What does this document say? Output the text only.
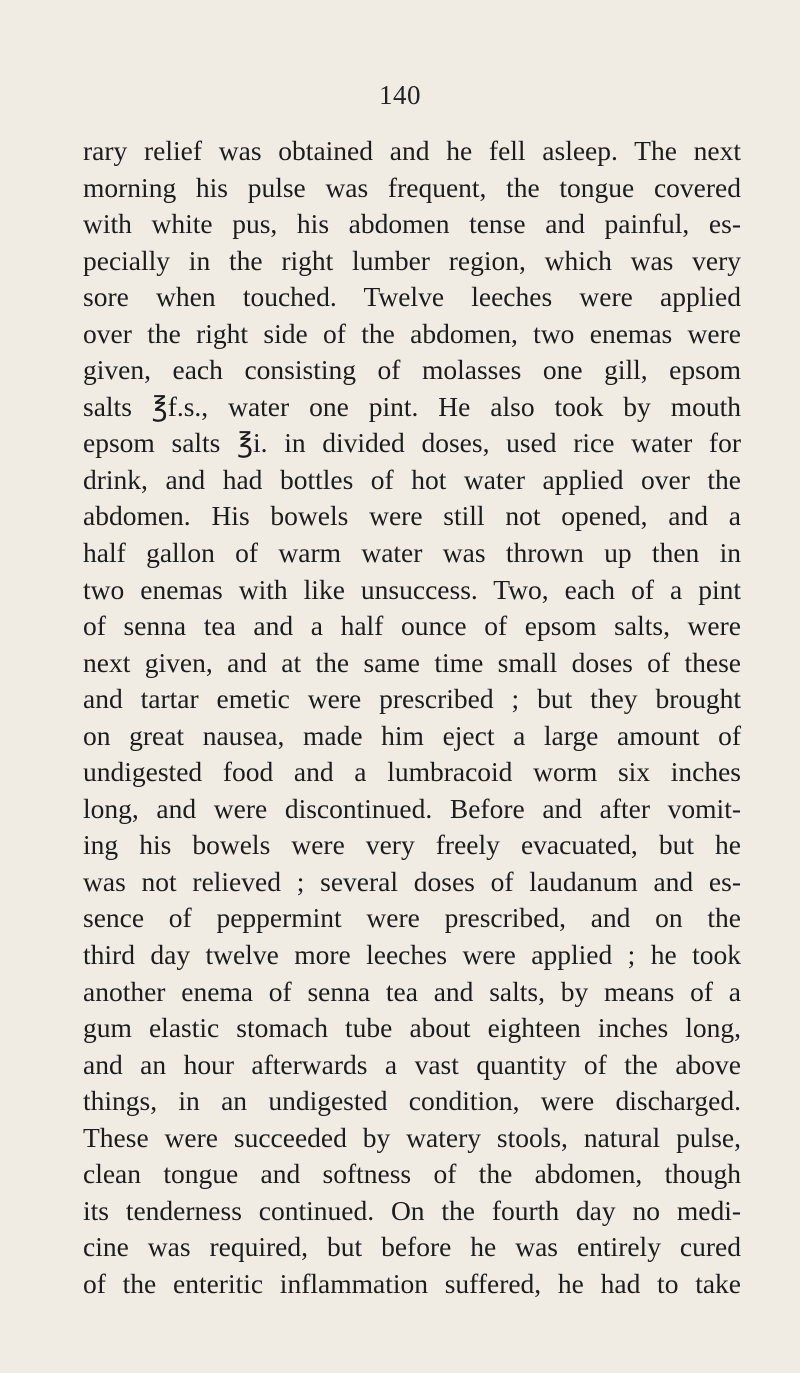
140
rary relief was obtained and he fell asleep. The next
morning his pulse was frequent, the tongue covered
with white pus, his abdomen tense and painful, es-
pecially in the right lumber region, which was very
sore when touched. Twelve leeches were applied
over the right side of the abdomen, two enemas were
given, each consisting of molasses one gill, epsom
salts ℥f.s., water one pint. He also took by mouth
epsom salts ℥i. in divided doses, used rice water for
drink, and had bottles of hot water applied over the
abdomen. His bowels were still not opened, and a
half gallon of warm water was thrown up then in
two enemas with like unsuccess. Two, each of a pint
of senna tea and a half ounce of epsom salts, were
next given, and at the same time small doses of these
and tartar emetic were prescribed ; but they brought
on great nausea, made him eject a large amount of
undigested food and a lumbracoid worm six inches
long, and were discontinued. Before and after vomit-
ing his bowels were very freely evacuated, but he
was not relieved ; several doses of laudanum and es-
sence of peppermint were prescribed, and on the
third day twelve more leeches were applied ; he took
another enema of senna tea and salts, by means of a
gum elastic stomach tube about eighteen inches long,
and an hour afterwards a vast quantity of the above
things, in an undigested condition, were discharged.
These were succeeded by watery stools, natural pulse,
clean tongue and softness of the abdomen, though
its tenderness continued. On the fourth day no medi-
cine was required, but before he was entirely cured
of the enteritic inflammation suffered, he had to take
